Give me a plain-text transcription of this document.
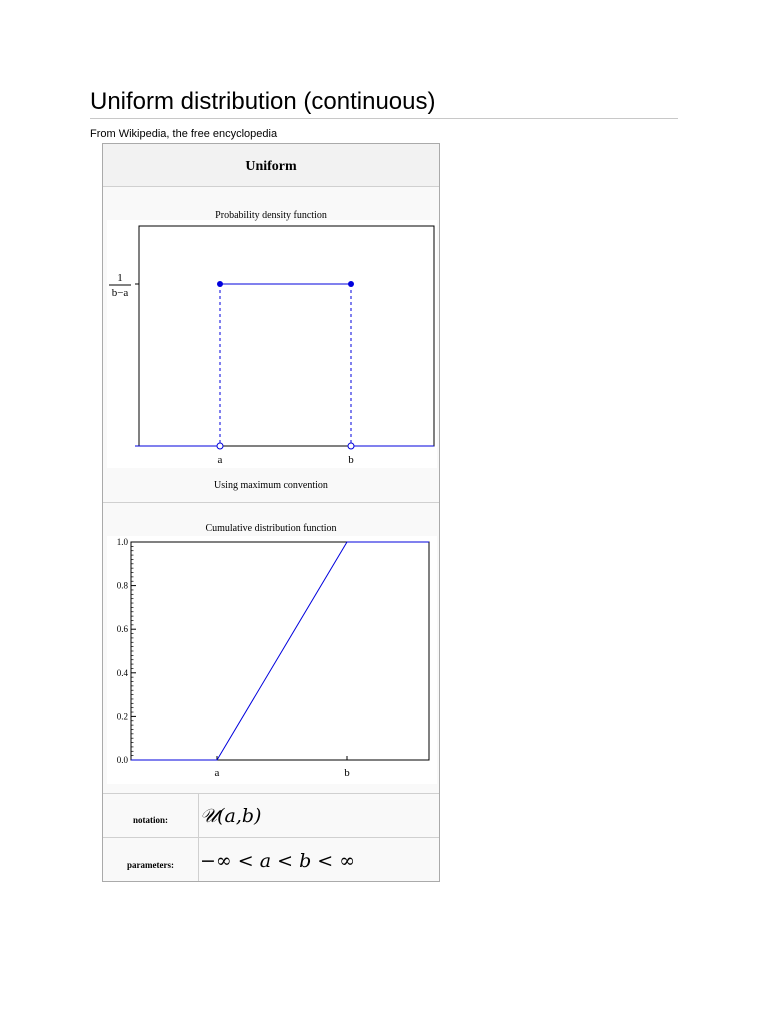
Uniform distribution (continuous)
From Wikipedia, the free encyclopedia
Uniform
Probability density function
1
b−a
a	b
Using maximum convention
Cumulative distribution function
0.0
0.2
0.4
0.6
0.8
1.0
a	b
notation:	𝒰(a,b)
parameters:	−∞ < a < b < ∞
